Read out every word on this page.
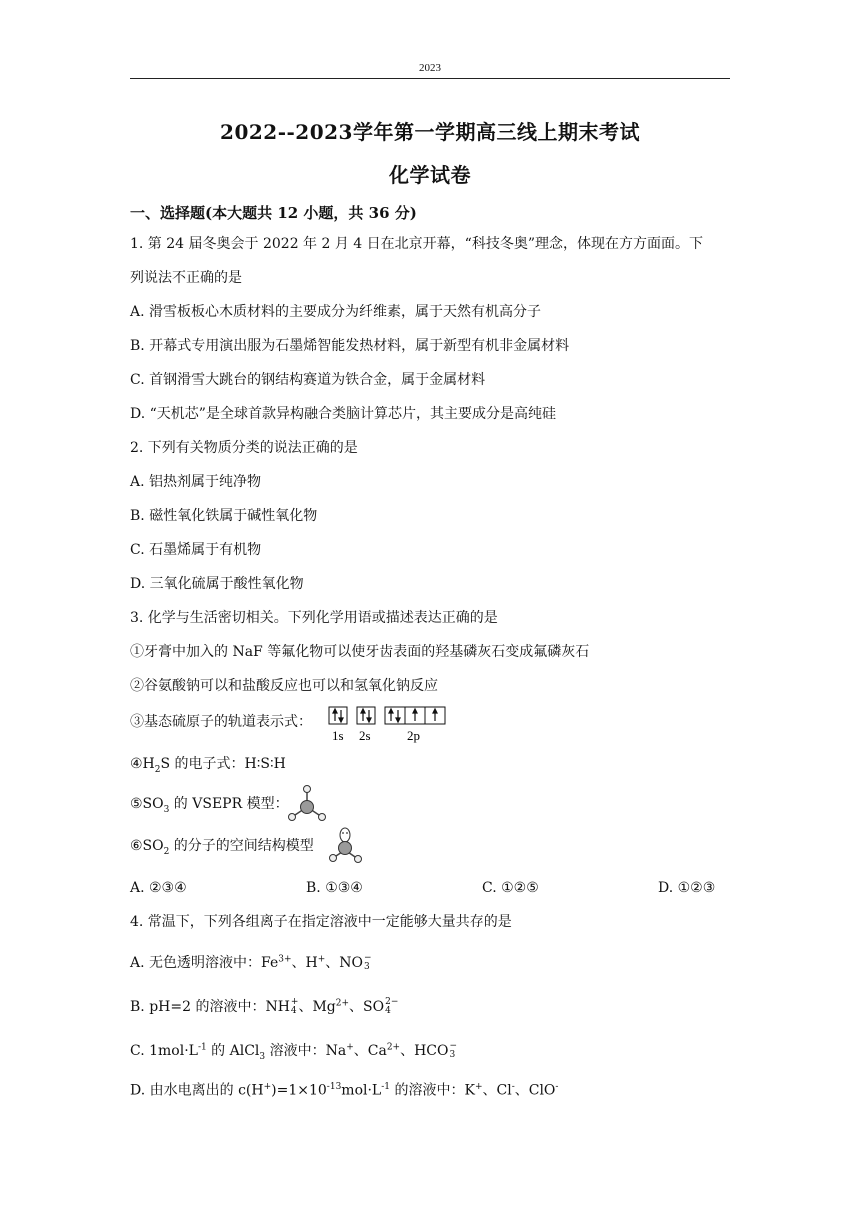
2023
2022--2023学年第一学期高三线上期末考试
化学试卷
一、选择题(本大题共 12 小题，共 36 分)
1. 第 24 届冬奥会于 2022 年 2 月 4 日在北京开幕，“科技冬奥”理念，体现在方方面面。下
列说法不正确的是
A. 滑雪板板心木质材料的主要成分为纤维素，属于天然有机高分子
B. 开幕式专用演出服为石墨烯智能发热材料，属于新型有机非金属材料
C. 首钢滑雪大跳台的钢结构赛道为铁合金，属于金属材料
D. “天机芯”是全球首款异构融合类脑计算芯片，其主要成分是高纯硅
2. 下列有关物质分类的说法正确的是
A. 铝热剂属于纯净物
B. 磁性氧化铁属于碱性氧化物
C. 石墨烯属于有机物
D. 三氧化硫属于酸性氧化物
3. 化学与生活密切相关。下列化学用语或描述表达正确的是
①牙膏中加入的 NaF 等氟化物可以使牙齿表面的羟基磷灰石变成氟磷灰石
②谷氨酸钠可以和盐酸反应也可以和氢氧化钠反应
③基态硫原子的轨道表示式：
1s 2s	2p
$④H_2S$ 的电子式：H∶S∶H
$⑤SO_3$ 的 VSEPR 模型：
$⑥SO_2$ 的分子的空间结构模型
A. ②③④	B. ①③④	C. ①②⑤	D. ①②③
4. 常温下，下列各组离子在指定溶液中一定能够大量共存的是
A. 无色透明溶液中：$Fe^{3+}$、H+、NO −
3
B. pH=2 的溶液中：NH +
4 、$Mg^{2+}$、SO 2−
4
C. $1mol\cdot L^{-1}$ 的 AlCl$_3$ 溶液中：Na+、$Ca^{2+}$、HCO −
3
D. 由水电离出的 $c(H^+)=1\times 10^{-13}mol\cdot L^{-1}$ 的溶液中：K+、Cl-、ClO-
